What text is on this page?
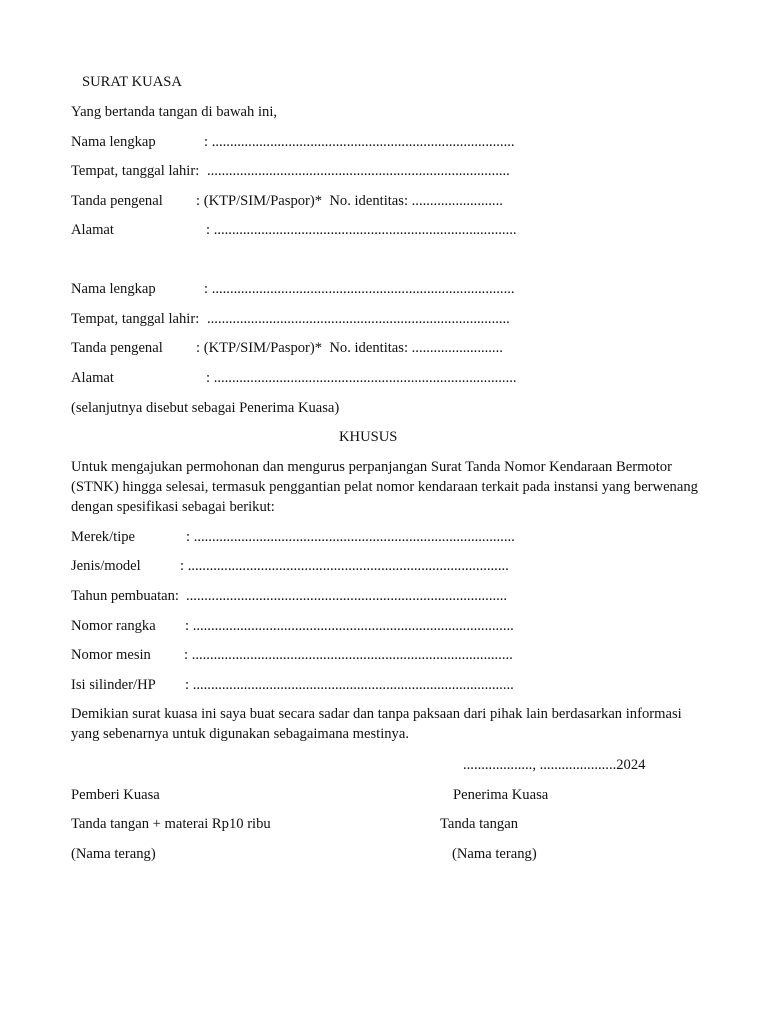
SURAT KUASA
Yang bertanda tangan di bawah ini,
Nama lengkap	: ...................................................................................
Tempat, tanggal lahir: ...................................................................................
Tanda pengenal : (KTP/SIM/Paspor)*  No. identitas: .........................
Alamat	: ...................................................................................
Nama lengkap	: ...................................................................................
Tempat, tanggal lahir: ...................................................................................
Tanda pengenal : (KTP/SIM/Paspor)*  No. identitas: .........................
Alamat	: ...................................................................................
(selanjutnya disebut sebagai Penerima Kuasa)
KHUSUS
Untuk mengajukan permohonan dan mengurus perpanjangan Surat Tanda Nomor Kendaraan Bermotor (STNK) hingga selesai, termasuk penggantian pelat nomor kendaraan terkait pada instansi yang berwenang dengan spesifikasi sebagai berikut:
Merek/tipe	: ........................................................................................
Jenis/model	: ........................................................................................
Tahun pembuatan: ........................................................................................
Nomor rangka : ........................................................................................
Nomor mesin : ........................................................................................
Isi silinder/HP : ........................................................................................
Demikian surat kuasa ini saya buat secara sadar dan tanpa paksaan dari pihak lain berdasarkan informasi yang sebenarnya untuk digunakan sebagaimana mestinya.
..................., .....................2024
Pemberi Kuasa	Penerima Kuasa
Tanda tangan + materai Rp10 ribu	Tanda tangan
(Nama terang)	(Nama terang)
